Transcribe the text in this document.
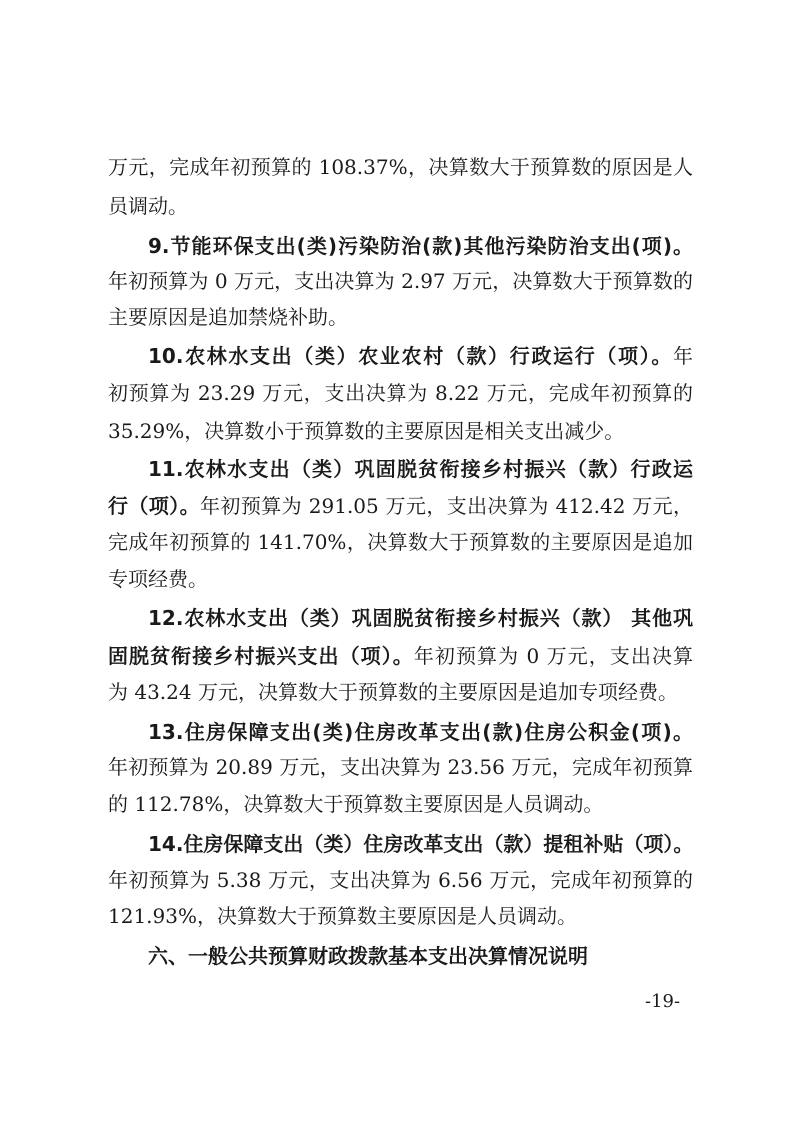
万元，完成年初预算的 108.37%，决算数大于预算数的原因是人
员调动。
9.节能环保支出(类)污染防治(款)其他污染防治支出(项)。
年初预算为 0 万元，支出决算为 2.97 万元，决算数大于预算数的
主要原因是追加禁烧补助。
10.农林水支出（类）农业农村（款）行政运行（项）。年
初预算为 23.29 万元，支出决算为 8.22 万元，完成年初预算的
35.29%，决算数小于预算数的主要原因是相关支出减少。
11.农林水支出（类）巩固脱贫衔接乡村振兴（款）行政运
行（项）。年初预算为 291.05 万元，支出决算为 412.42 万元，
完成年初预算的 141.70%，决算数大于预算数的主要原因是追加
专项经费。
12.农林水支出（类）巩固脱贫衔接乡村振兴（款） 其他巩
固脱贫衔接乡村振兴支出（项）。年初预算为 0 万元，支出决算
为 43.24 万元，决算数大于预算数的主要原因是追加专项经费。
13.住房保障支出(类)住房改革支出(款)住房公积金(项)。
年初预算为 20.89 万元，支出决算为 23.56 万元，完成年初预算
的 112.78%，决算数大于预算数主要原因是人员调动。
14.住房保障支出（类）住房改革支出（款）提租补贴（项）。
年初预算为 5.38 万元，支出决算为 6.56 万元，完成年初预算的
121.93%，决算数大于预算数主要原因是人员调动。
六、一般公共预算财政拨款基本支出决算情况说明
-19-
